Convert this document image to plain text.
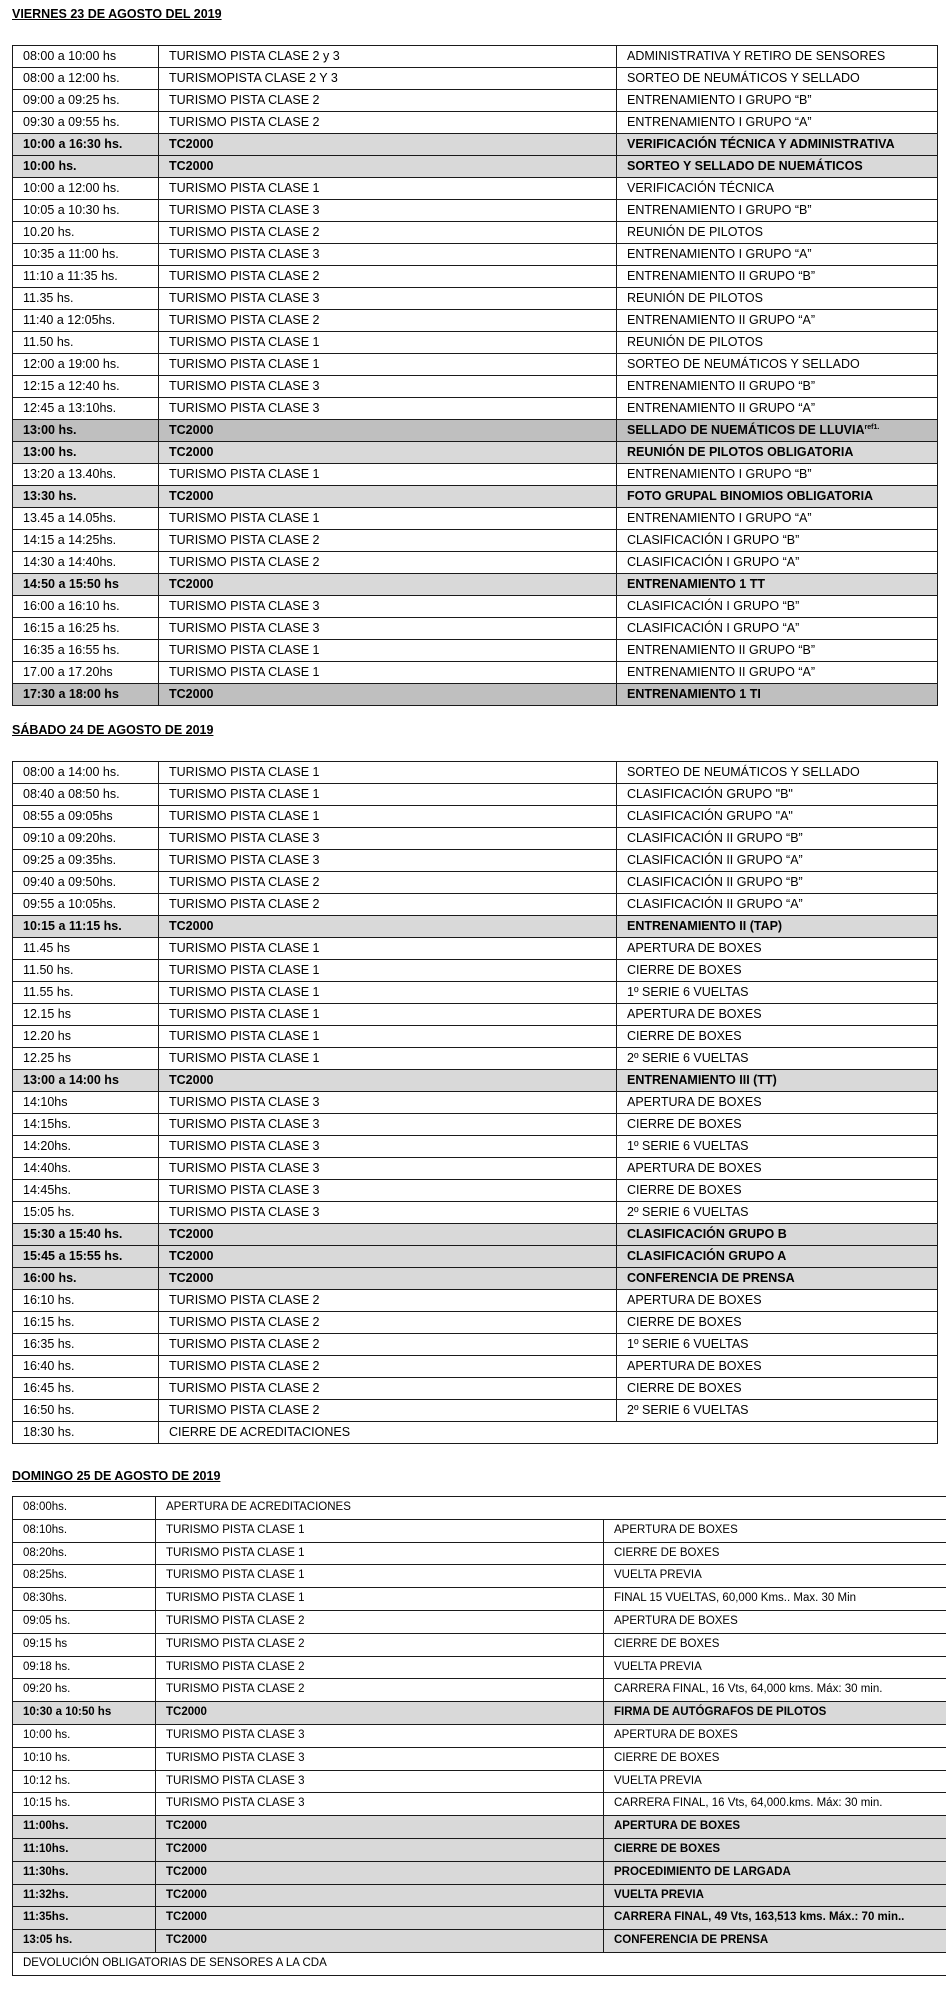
VIERNES 23 DE AGOSTO DEL 2019
08:00 a 10:00 hs	TURISMO PISTA CLASE 2 y 3	ADMINISTRATIVA Y RETIRO DE SENSORES
08:00 a 12:00 hs.	TURISMOPISTA CLASE 2 Y 3	SORTEO DE NEUMÁTICOS Y SELLADO
09:00 a 09:25 hs.	TURISMO PISTA CLASE 2	ENTRENAMIENTO I GRUPO “B”
09:30 a 09:55 hs.	TURISMO PISTA CLASE 2	ENTRENAMIENTO I GRUPO “A”
10:00 a 16:30 hs.	TC2000	VERIFICACIÓN TÉCNICA Y ADMINISTRATIVA
10:00 hs.	TC2000	SORTEO Y SELLADO DE NUEMÁTICOS
10:00 a 12:00 hs.	TURISMO PISTA CLASE 1	VERIFICACIÓN TÉCNICA
10:05 a 10:30 hs.	TURISMO PISTA CLASE 3	ENTRENAMIENTO I GRUPO “B”
10.20 hs.	TURISMO PISTA CLASE 2	REUNIÓN DE PILOTOS
10:35 a 11:00 hs.	TURISMO PISTA CLASE 3	ENTRENAMIENTO I GRUPO “A”
11:10 a 11:35 hs.	TURISMO PISTA CLASE 2	ENTRENAMIENTO II GRUPO “B”
11.35 hs.	TURISMO PISTA CLASE 3	REUNIÓN DE PILOTOS
11:40 a 12:05hs.	TURISMO PISTA CLASE 2	ENTRENAMIENTO II GRUPO “A”
11.50 hs.	TURISMO PISTA CLASE 1	REUNIÓN DE PILOTOS
12:00 a 19:00 hs.	TURISMO PISTA CLASE 1	SORTEO DE NEUMÁTICOS Y SELLADO
12:15 a 12:40 hs.	TURISMO PISTA CLASE 3	ENTRENAMIENTO II GRUPO “B”
12:45 a 13:10hs.	TURISMO PISTA CLASE 3	ENTRENAMIENTO II GRUPO “A”
13:00 hs.	TC2000	SELLADO DE NUEMÁTICOS DE $LLUVIA^{ref1.}$
13:00 hs.	TC2000	REUNIÓN DE PILOTOS OBLIGATORIA
13:20 a 13.40hs.	TURISMO PISTA CLASE 1	ENTRENAMIENTO I GRUPO “B”
13:30 hs.	TC2000	FOTO GRUPAL BINOMIOS OBLIGATORIA
13.45 a 14.05hs.	TURISMO PISTA CLASE 1	ENTRENAMIENTO I GRUPO “A”
14:15 a 14:25hs.	TURISMO PISTA CLASE 2	CLASIFICACIÓN I GRUPO “B”
14:30 a 14:40hs.	TURISMO PISTA CLASE 2	CLASIFICACIÓN I GRUPO “A”
14:50 a 15:50 hs	TC2000	ENTRENAMIENTO 1 TT
16:00 a 16:10 hs.	TURISMO PISTA CLASE 3	CLASIFICACIÓN I GRUPO “B”
16:15 a 16:25 hs.	TURISMO PISTA CLASE 3	CLASIFICACIÓN I GRUPO “A”
16:35 a 16:55 hs.	TURISMO PISTA CLASE 1	ENTRENAMIENTO II GRUPO “B”
17.00 a 17.20hs	TURISMO PISTA CLASE 1	ENTRENAMIENTO II GRUPO “A”
17:30 a 18:00 hs	TC2000	ENTRENAMIENTO 1 TI
SÁBADO 24 DE AGOSTO DE 2019
08:00 a 14:00 hs.	TURISMO PISTA CLASE 1	SORTEO DE NEUMÁTICOS Y SELLADO
08:40 a 08:50 hs.	TURISMO PISTA CLASE 1	CLASIFICACIÓN GRUPO "B"
08:55 a 09:05hs	TURISMO PISTA CLASE 1	CLASIFICACIÓN GRUPO "A"
09:10 a 09:20hs.	TURISMO PISTA CLASE 3	CLASIFICACIÓN II GRUPO “B”
09:25 a 09:35hs.	TURISMO PISTA CLASE 3	CLASIFICACIÓN II GRUPO “A”
09:40 a 09:50hs.	TURISMO PISTA CLASE 2	CLASIFICACIÓN II GRUPO “B”
09:55 a 10:05hs.	TURISMO PISTA CLASE 2	CLASIFICACIÓN II GRUPO “A”
10:15 a 11:15 hs.	TC2000	ENTRENAMIENTO II (TAP)
11.45 hs	TURISMO PISTA CLASE 1	APERTURA DE BOXES
11.50 hs.	TURISMO PISTA CLASE 1	CIERRE DE BOXES
11.55 hs.	TURISMO PISTA CLASE 1	1º SERIE 6 VUELTAS
12.15 hs	TURISMO PISTA CLASE 1	APERTURA DE BOXES
12.20 hs	TURISMO PISTA CLASE 1	CIERRE DE BOXES
12.25 hs	TURISMO PISTA CLASE 1	2º SERIE 6 VUELTAS
13:00 a 14:00 hs	TC2000	ENTRENAMIENTO III (TT)
14:10hs	TURISMO PISTA CLASE 3	APERTURA DE BOXES
14:15hs.	TURISMO PISTA CLASE 3	CIERRE DE BOXES
14:20hs.	TURISMO PISTA CLASE 3	1º SERIE 6 VUELTAS
14:40hs.	TURISMO PISTA CLASE 3	APERTURA DE BOXES
14:45hs.	TURISMO PISTA CLASE 3	CIERRE DE BOXES
15:05 hs.	TURISMO PISTA CLASE 3	2º SERIE 6 VUELTAS
15:30 a 15:40 hs.	TC2000	CLASIFICACIÓN GRUPO B
15:45 a 15:55 hs.	TC2000	CLASIFICACIÓN GRUPO A
16:00 hs.	TC2000	CONFERENCIA DE PRENSA
16:10 hs.	TURISMO PISTA CLASE 2	APERTURA DE BOXES
16:15 hs.	TURISMO PISTA CLASE 2	CIERRE DE BOXES
16:35 hs.	TURISMO PISTA CLASE 2	1º SERIE 6 VUELTAS
16:40 hs.	TURISMO PISTA CLASE 2	APERTURA DE BOXES
16:45 hs.	TURISMO PISTA CLASE 2	CIERRE DE BOXES
16:50 hs.	TURISMO PISTA CLASE 2	2º SERIE 6 VUELTAS
18:30 hs.	CIERRE DE ACREDITACIONES	
DOMINGO 25 DE AGOSTO DE 2019
08:00hs.	APERTURA DE ACREDITACIONES	
08:10hs.	TURISMO PISTA CLASE 1	APERTURA DE BOXES
08:20hs.	TURISMO PISTA CLASE 1	CIERRE DE BOXES
08:25hs.	TURISMO PISTA CLASE 1	VUELTA PREVIA
08:30hs.	TURISMO PISTA CLASE 1	FINAL 15 VUELTAS, 60,000 Kms.. Max. 30 Min
09:05 hs.	TURISMO PISTA CLASE 2	APERTURA DE BOXES
09:15 hs	TURISMO PISTA CLASE 2	CIERRE DE BOXES
09:18 hs.	TURISMO PISTA CLASE 2	VUELTA PREVIA
09:20 hs.	TURISMO PISTA CLASE 2	CARRERA FINAL, 16 Vts, 64,000 kms. Máx: 30 min.
10:30 a 10:50 hs	TC2000	FIRMA DE AUTÓGRAFOS DE PILOTOS
10:00 hs.	TURISMO PISTA CLASE 3	APERTURA DE BOXES
10:10 hs.	TURISMO PISTA CLASE 3	CIERRE DE BOXES
10:12 hs.	TURISMO PISTA CLASE 3	VUELTA PREVIA
10:15 hs.	TURISMO PISTA CLASE 3	CARRERA FINAL, 16 Vts, 64,000.kms. Máx: 30 min.
11:00hs.	TC2000	APERTURA DE BOXES
11:10hs.	TC2000	CIERRE DE BOXES
11:30hs.	TC2000	PROCEDIMIENTO DE LARGADA
11:32hs.	TC2000	VUELTA PREVIA
11:35hs.	TC2000	CARRERA FINAL, 49 Vts, 163,513 kms. Máx.: 70 min..
13:05 hs.	TC2000	CONFERENCIA DE PRENSA
DEVOLUCIÓN OBLIGATORIAS DE SENSORES A LA CDA		
